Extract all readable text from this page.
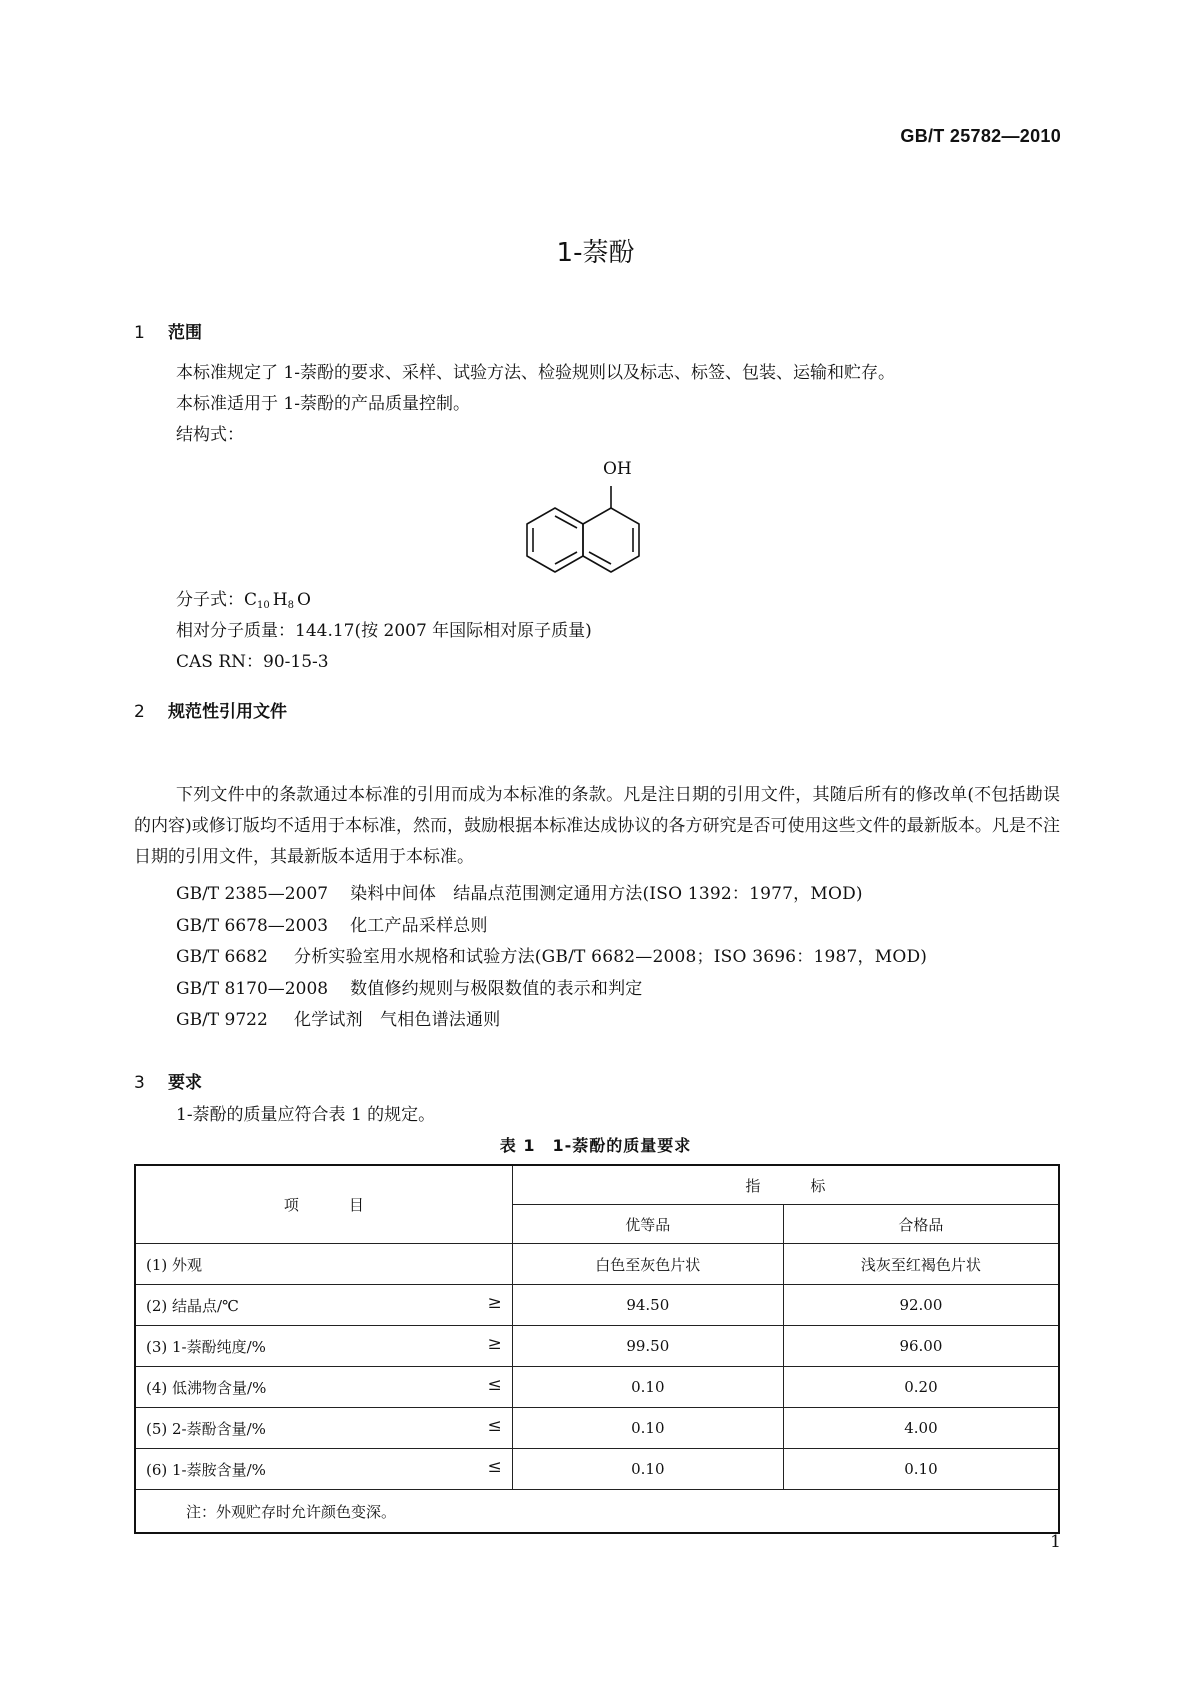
GB/T 25782—2010
1-萘酚
1 范围

本标准规定了 1-萘酚的要求、采样、试验方法、检验规则以及标志、标签、包装、运输和贮存。

本标准适用于 1-萘酚的产品质量控制。

结构式：

OH

分子式：$C_{10}$ $H_8$ O

相对分子质量：144.17(按 2007 年国际相对原子质量)

CAS RN：90-15-3

2 规范性引用文件

下列文件中的条款通过本标准的引用而成为本标准的条款。凡是注日期的引用文件，其随后所有的修改单(不包括勘误的内容)或修订版均不适用于本标准，然而，鼓励根据本标准达成协议的各方研究是否可使用这些文件的最新版本。凡是不注日期的引用文件，其最新版本适用于本标准。

GB/T 2385—2007 染料中间体　结晶点范围测定通用方法(ISO 1392：1977，MOD)
GB/T 6678—2003 化工产品采样总则
GB/T 6682 分析实验室用水规格和试验方法(GB/T 6682—2008；ISO 3696：1987，MOD)
GB/T 8170—2008 数值修约规则与极限数值的表示和判定
GB/T 9722 化学试剂　气相色谱法通则
3 要求

1-萘酚的质量应符合表 1 的规定。

表 1　1-萘酚的质量要求
项目	指标	
	优等品	合格品
(1) 外观	白色至灰色片状	浅灰至红褐色片状
(2) 结晶点/℃ ≥	94.50	92.00
(3) 1-萘酚纯度/% ≥	99.50	96.00
(4) 低沸物含量/% ≤	0.10	0.20
(5) 2-萘酚含量/% ≤	0.10	4.00
(6) 1-萘胺含量/% ≤	0.10	0.10
注：外观贮存时允许颜色变深。		
1
